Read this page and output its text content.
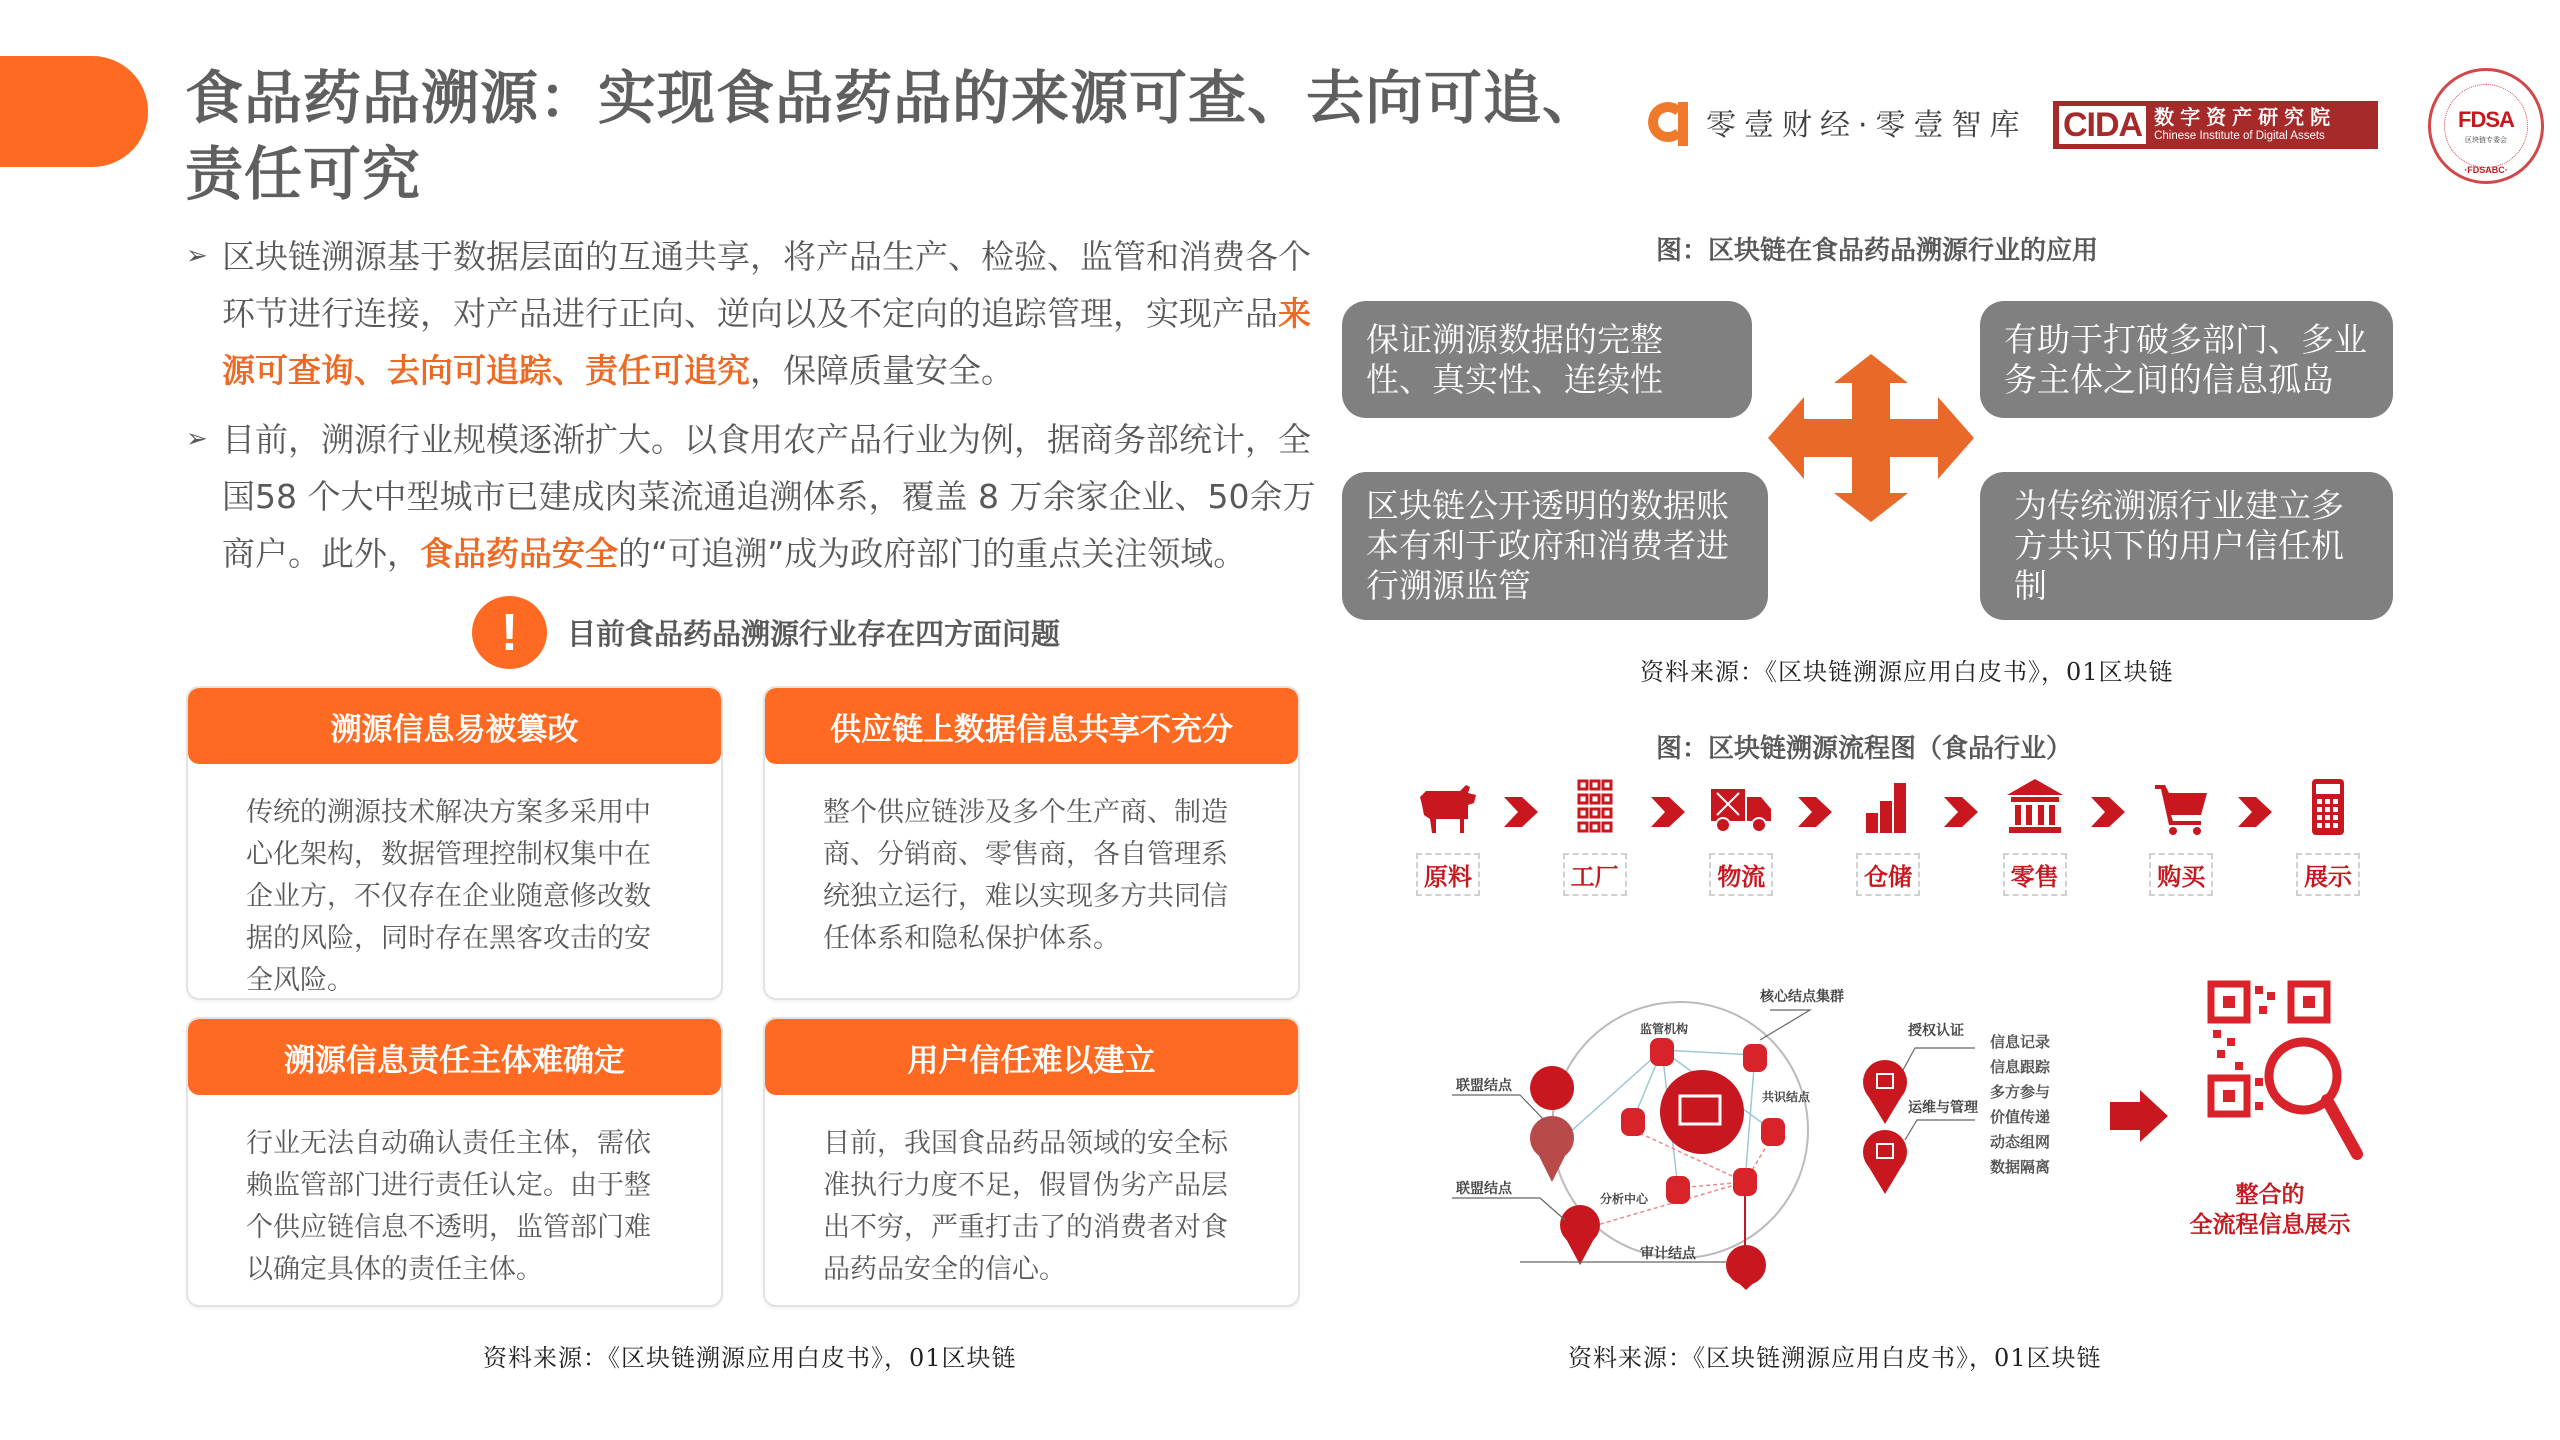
食品药品溯源：实现食品药品的来源可查、去向可追、责任可究
零壹财经·零壹智库 CIDA 数字资产研究院
Chinese Institute of Digital Assets
FDSA
区块链专委会
·FDSABC·

➢ 区块链溯源基于数据层面的互通共享，将产品生产、检验、监管和消费各个环节进行连接，对产品进行正向、逆向以及不定向的追踪管理，实现产品来源可查询、去向可追踪、责任可追究，保障质量安全。

➢ 目前，溯源行业规模逐渐扩大。以食用农产品行业为例，据商务部统计，全国58 个大中型城市已建成肉菜流通追溯体系，覆盖 8 万余家企业、50余万商户。此外，食品药品安全的“可追溯”成为政府部门的重点关注领域。

!	目前食品药品溯源行业存在四方面问题
溯源信息易被篡改
传统的溯源技术解决方案多采用中心化架构，数据管理控制权集中在企业方，不仅存在企业随意修改数据的风险，同时存在黑客攻击的安全风险。
供应链上数据信息共享不充分
整个供应链涉及多个生产商、制造商、分销商、零售商，各自管理系统独立运行，难以实现多方共同信任体系和隐私保护体系。
溯源信息责任主体难确定
行业无法自动确认责任主体，需依赖监管部门进行责任认定。由于整个供应链信息不透明，监管部门难以确定具体的责任主体。
用户信任难以建立
目前，我国食品药品领域的安全标准执行力度不足，假冒伪劣产品层出不穷，严重打击了的消费者对食品药品安全的信心。
资料来源：《区块链溯源应用白皮书》，01区块链
图：区块链在食品药品溯源行业的应用
保证溯源数据的完整性、真实性、连续性
有助于打破多部门、多业务主体之间的信息孤岛
区块链公开透明的数据账本有利于政府和消费者进行溯源监管
为传统溯源行业建立多方共识下的用户信任机制
资料来源：《区块链溯源应用白皮书》，01区块链
图：区块链溯源流程图（食品行业）
原料	工厂	物流	仓储	零售	购买	展示
核心结点集群
监管机构
共识结点
分析中心
联盟结点
联盟结点
审计结点
授权认证
运维与管理
信息记录
信息跟踪
多方参与
价值传递
动态组网
数据隔离
整合的
全流程信息展示
资料来源：《区块链溯源应用白皮书》，01区块链
